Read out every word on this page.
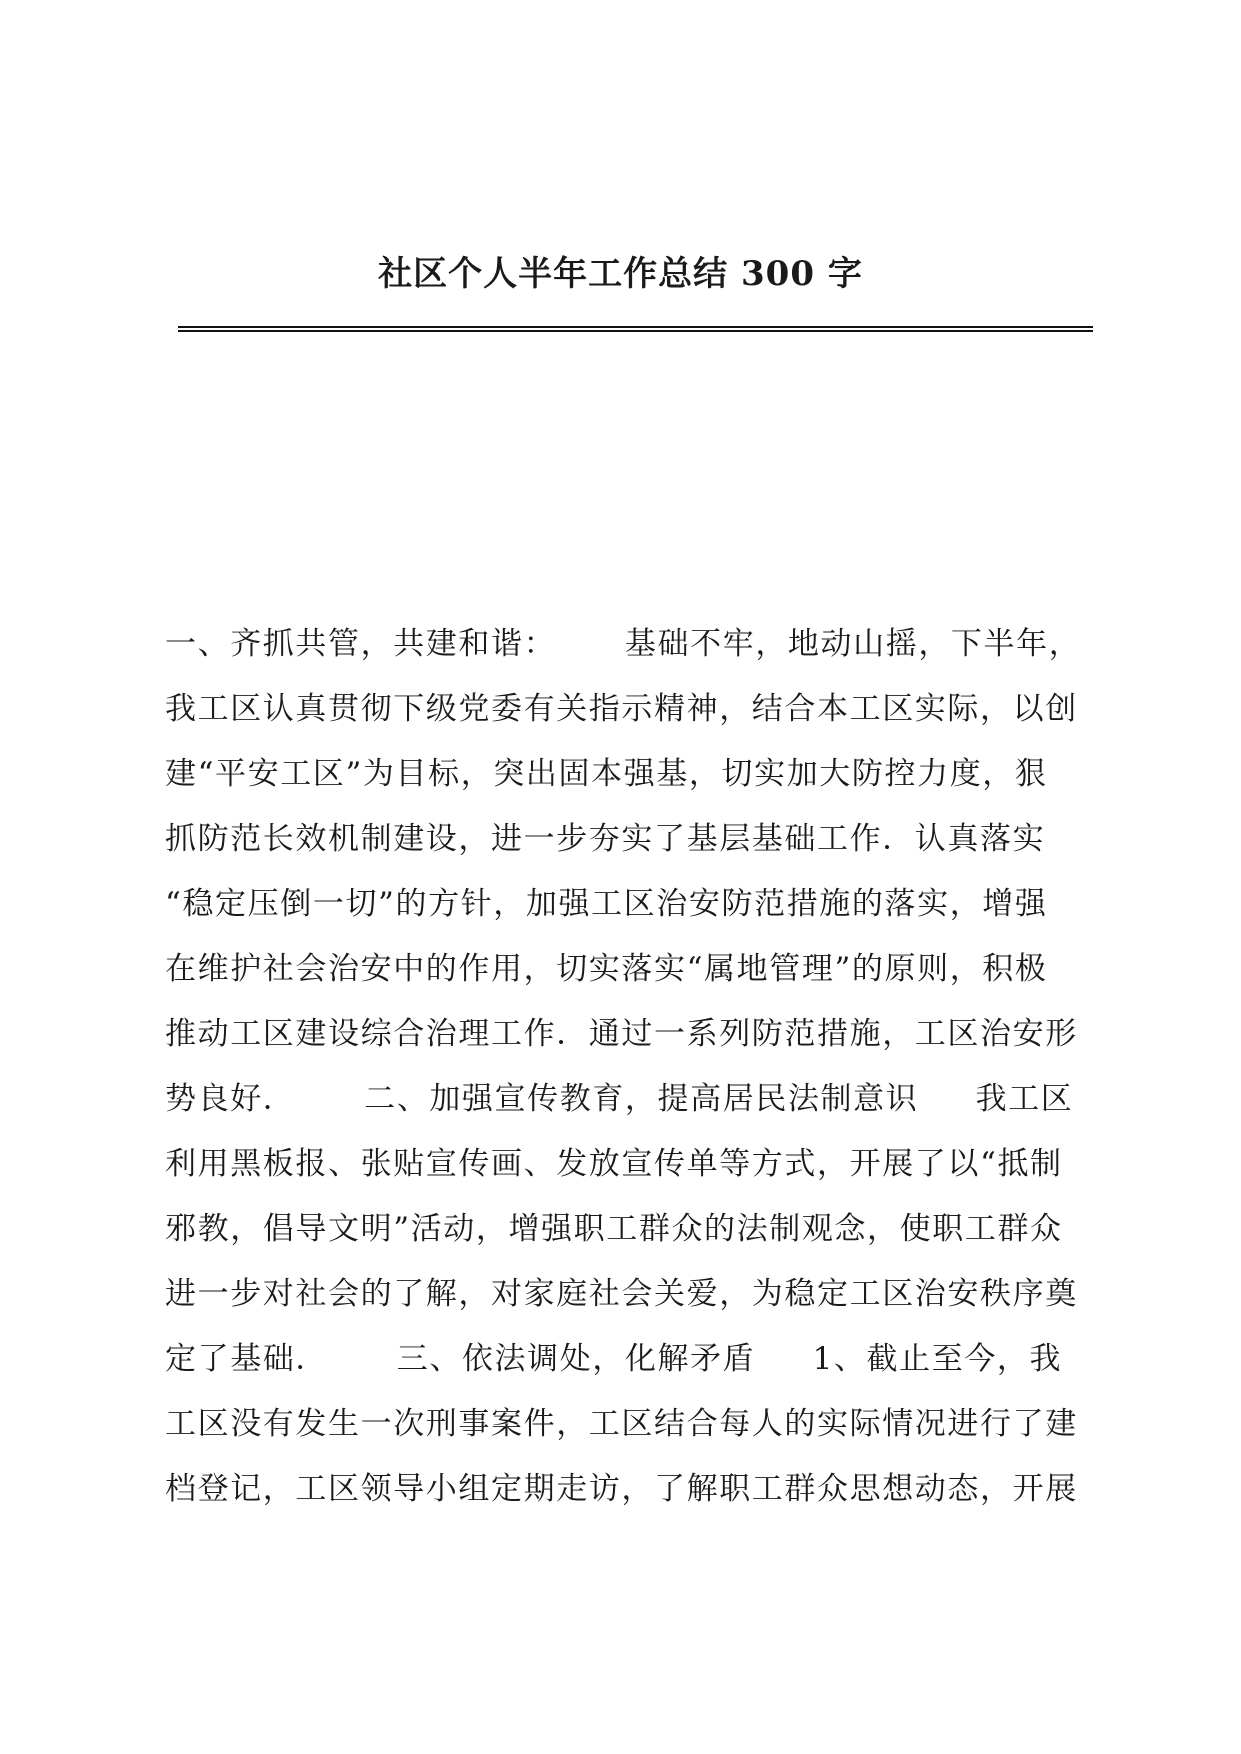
社区个人半年工作总结 300 字
一、齐抓共管，共建和谐：      基础不牢，地动山摇，下半年，
我工区认真贯彻下级党委有关指示精神，结合本工区实际，以创
建“平安工区”为目标，突出固本强基，切实加大防控力度，狠
抓防范长效机制建设，进一步夯实了基层基础工作．认真落实
“稳定压倒一切”的方针，加强工区治安防范措施的落实，增强
在维护社会治安中的作用，切实落实“属地管理”的原则，积极
推动工区建设综合治理工作．通过一系列防范措施，工区治安形
势良好．      二、加强宣传教育，提高居民法制意识     我工区
利用黑板报、张贴宣传画、发放宣传单等方式，开展了以“抵制
邪教，倡导文明”活动，增强职工群众的法制观念，使职工群众
进一步对社会的了解，对家庭社会关爱，为稳定工区治安秩序奠
定了基础．      三、依法调处，化解矛盾     1、截止至今，我
工区没有发生一次刑事案件，工区结合每人的实际情况进行了建
档登记，工区领导小组定期走访，了解职工群众思想动态，开展
